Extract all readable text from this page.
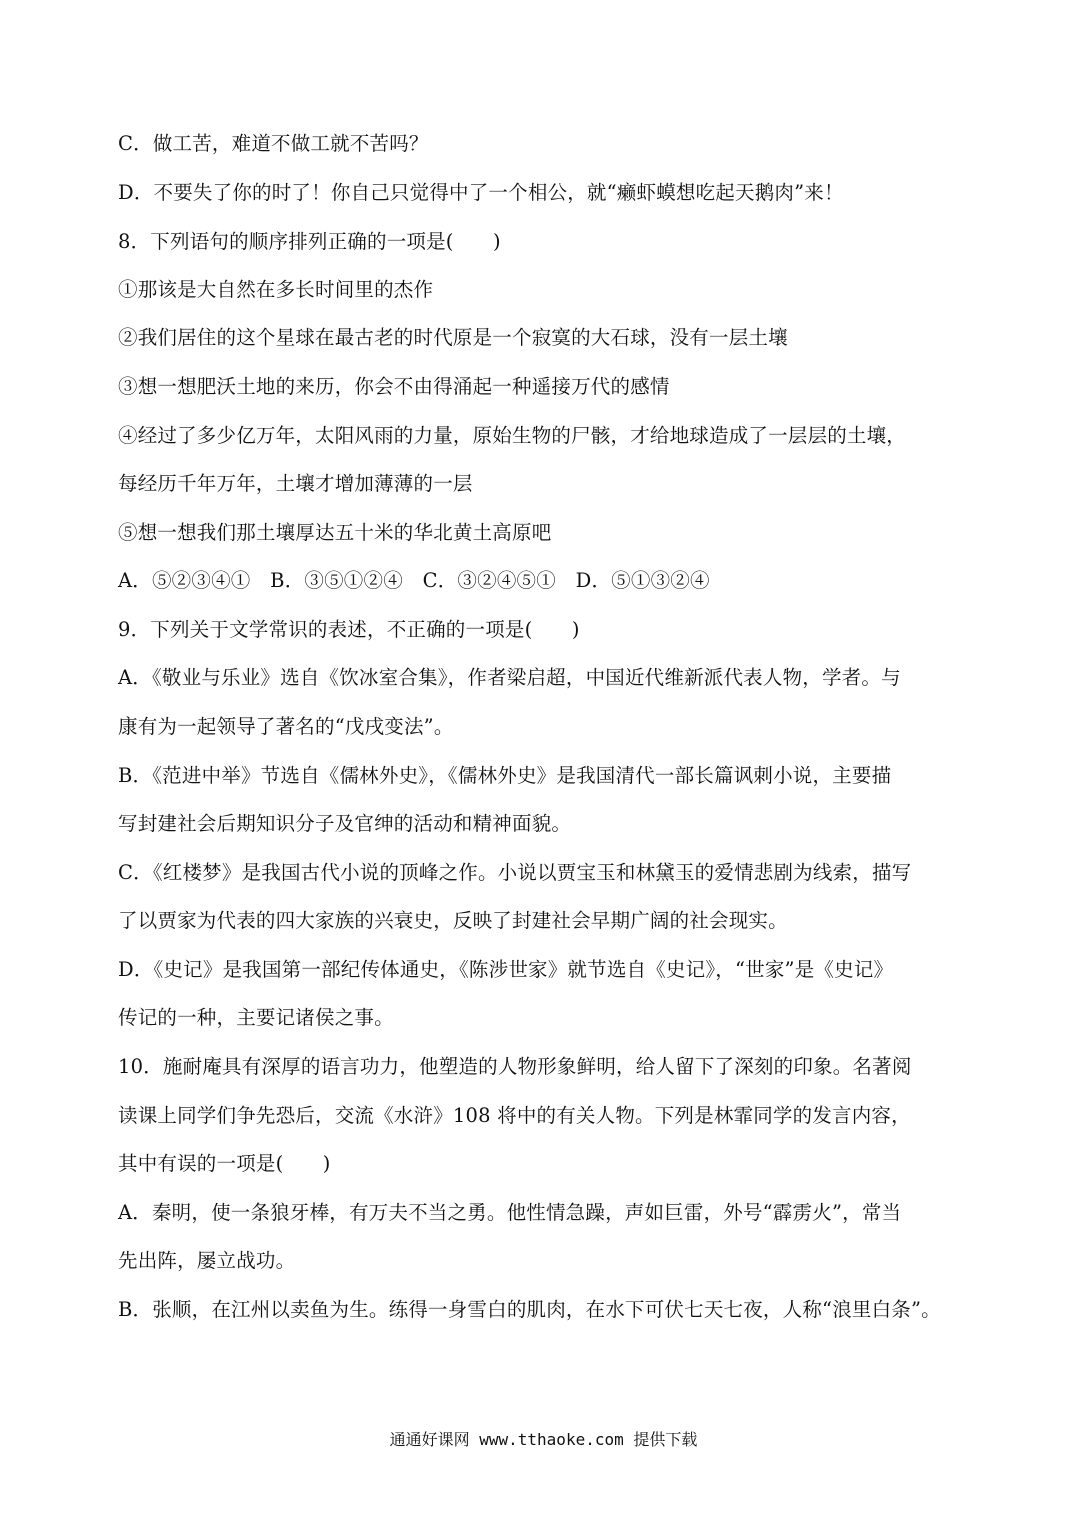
C．做工苦，难道不做工就不苦吗？
D．不要失了你的时了！你自己只觉得中了一个相公，就“癞虾蟆想吃起天鹅肉”来！
8．下列语句的顺序排列正确的一项是(　　)
①那该是大自然在多长时间里的杰作
②我们居住的这个星球在最古老的时代原是一个寂寞的大石球，没有一层土壤
③想一想肥沃土地的来历，你会不由得涌起一种遥接万代的感情
④经过了多少亿万年，太阳风雨的力量，原始生物的尸骸，才给地球造成了一层层的土壤，
每经历千年万年，土壤才增加薄薄的一层
⑤想一想我们那土壤厚达五十米的华北黄土高原吧
A．⑤②③④①　B．③⑤①②④　C．③②④⑤①　D．⑤①③②④
9．下列关于文学常识的表述，不正确的一项是(　　)
A．《敬业与乐业》选自《饮冰室合集》，作者梁启超，中国近代维新派代表人物，学者。与
康有为一起领导了著名的“戊戌变法”。
B．《范进中举》节选自《儒林外史》，《儒林外史》是我国清代一部长篇讽刺小说，主要描
写封建社会后期知识分子及官绅的活动和精神面貌。
C．《红楼梦》是我国古代小说的顶峰之作。小说以贾宝玉和林黛玉的爱情悲剧为线索，描写
了以贾家为代表的四大家族的兴衰史，反映了封建社会早期广阔的社会现实。
D．《史记》是我国第一部纪传体通史，《陈涉世家》就节选自《史记》，“世家”是《史记》
传记的一种，主要记诸侯之事。
10．施耐庵具有深厚的语言功力，他塑造的人物形象鲜明，给人留下了深刻的印象。名著阅
读课上同学们争先恐后，交流《水浒》108 将中的有关人物。下列是林霏同学的发言内容，
其中有误的一项是(　　)
A．秦明，使一条狼牙棒，有万夫不当之勇。他性情急躁，声如巨雷，外号“霹雳火”，常当
先出阵，屡立战功。
B．张顺，在江州以卖鱼为生。练得一身雪白的肌肉，在水下可伏七天七夜，人称“浪里白条”。
通通好课网 www.tthaoke.com 提供下载
